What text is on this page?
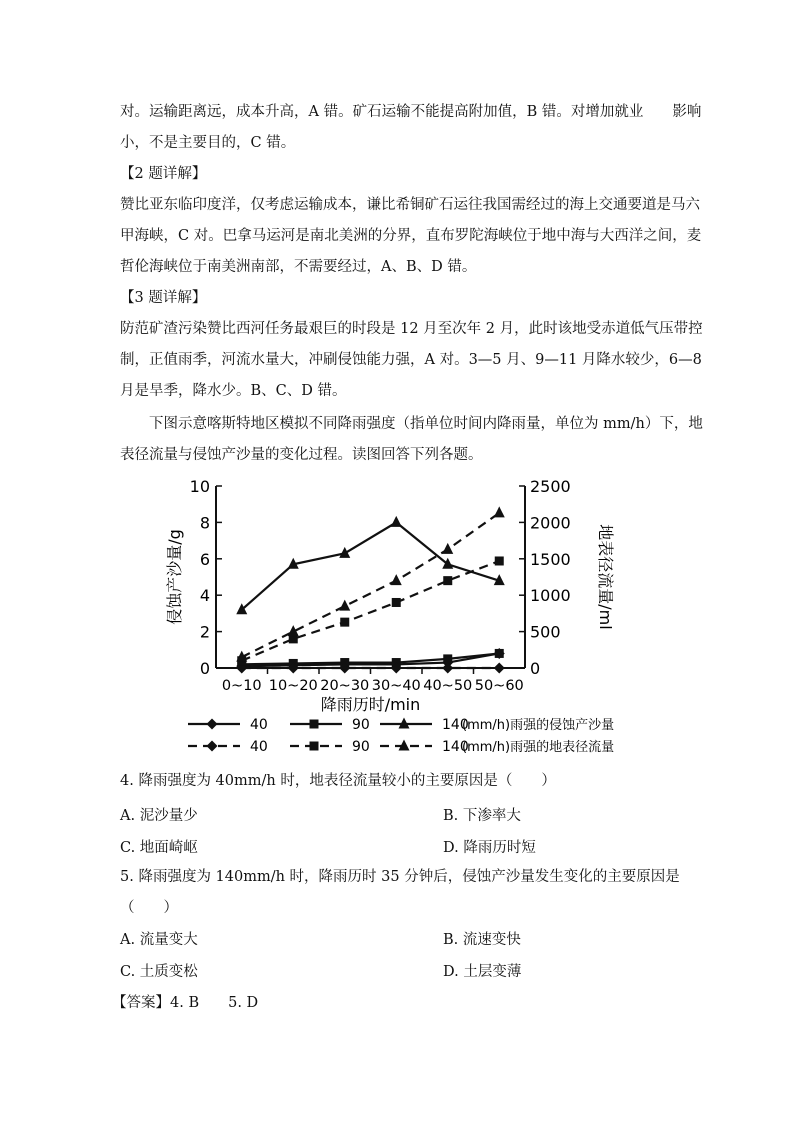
对。运输距离远，成本升高，A 错。矿石运输不能提高附加值，B 错。对增加就业　　影响
小，不是主要目的，C 错。
【2 题详解】
赞比亚东临印度洋，仅考虑运输成本，谦比希铜矿石运往我国需经过的海上交通要道是马六
甲海峡，C 对。巴拿马运河是南北美洲的分界，直布罗陀海峡位于地中海与大西洋之间，麦
哲伦海峡位于南美洲南部，不需要经过，A、B、D 错。
【3 题详解】
防范矿渣污染赞比西河任务最艰巨的时段是 12 月至次年 2 月，此时该地受赤道低气压带控
制，正值雨季，河流水量大，冲刷侵蚀能力强，A 对。3—5 月、9—11 月降水较少，6—8
月是旱季，降水少。B、C、D 错。
下图示意喀斯特地区模拟不同降雨强度（指单位时间内降雨量，单位为 mm/h）下，地
表径流量与侵蚀产沙量的变化过程。读图回答下列各题。
0
2
4
6
8
10
0
500
1000
1500
2000
2500
0~10 10~20 20~30 30~40 40~50 50~60
降雨历时/min
侵蚀产沙量/g	地表径流量/ml
40	90	140
(mm/h)雨强的侵蚀产沙量
40	90	140
(mm/h)雨强的地表径流量
4. 降雨强度为 40mm/h 时，地表径流量较小的主要原因是（　　）
A. 泥沙量少	B. 下渗率大
C. 地面崎岖	D. 降雨历时短
5. 降雨强度为 140mm/h 时，降雨历时 35 分钟后，侵蚀产沙量发生变化的主要原因是
（　　）
A. 流量变大	B. 流速变快
C. 土质变松	D. 土层变薄
【答案】4. B　　5. D
